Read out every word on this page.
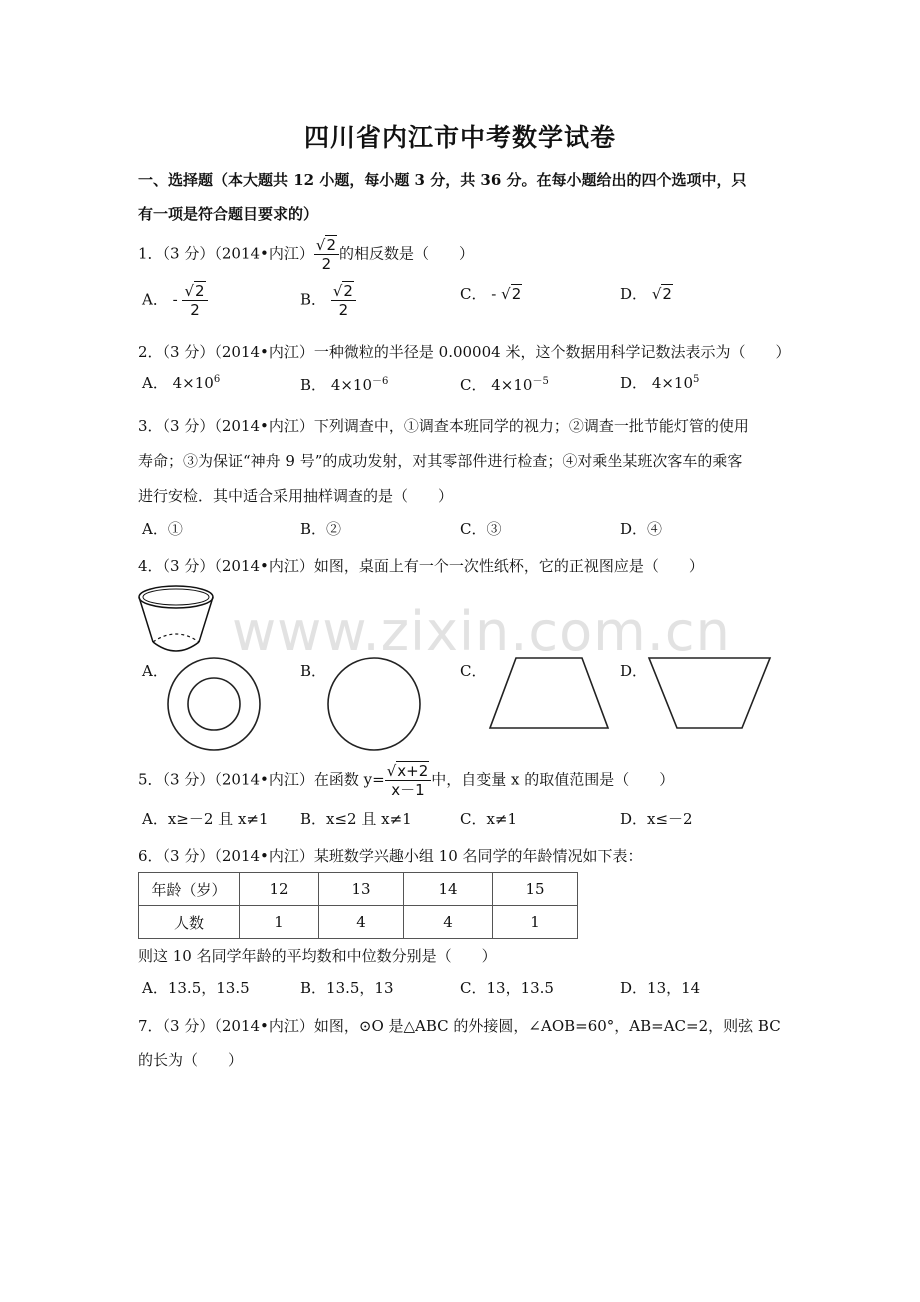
四川省内江市中考数学试卷
一、选择题（本大题共 12 小题，每小题 3 分，共 36 分。在每小题给出的四个选项中，只
有一项是符合题目要求的）
www.zixin.com.cn
1．（3 分）（2014•内江） $\frac{√2}{2}$ 的相反数是（　　）
A． - $\frac{√2}{2}$	B． $\frac{√2}{2}$	C． - √2	D． √2
2．（3 分）（2014•内江）一种微粒的半径是 0.00004 米，这个数据用科学记数法表示为（　　）
A． $4\times 10^6$	B． $4\times 10^{-6}$	C． $4\times 10^{-5}$	D． $4\times 10^5$
3．（3 分）（2014•内江）下列调查中，①调查本班同学的视力；②调查一批节能灯管的使用
寿命；③为保证“神舟 9 号”的成功发射，对其零部件进行检查；④对乘坐某班次客车的乘客
进行安检．其中适合采用抽样调查的是（　　）
A．①	B．②	C．③	D．④
4．（3 分）（2014•内江）如图，桌面上有一个一次性纸杯，它的正视图应是（　　）
A．	B．	C．	D．
5．（3 分）（2014•内江）在函数 $y= \frac{√x+2}{x-1}$ 中，自变量 x 的取值范围是（　　）
A．x≥－2 且 x≠1 B．x≤2 且 x≠1	C．x≠1	D．x≤－2
6．（3 分）（2014•内江）某班数学兴趣小组 10 名同学的年龄情况如下表：
年龄（岁）	12	13	14	15
人数	1	4	4	1
则这 10 名同学年龄的平均数和中位数分别是（　　）
A．13.5，13.5	B．13.5，13	C．13，13.5	D．13，14
7．（3 分）（2014•内江）如图，⊙O 是△ABC 的外接圆，∠AOB=60°，AB=AC=2，则弦 BC
的长为（　　）
